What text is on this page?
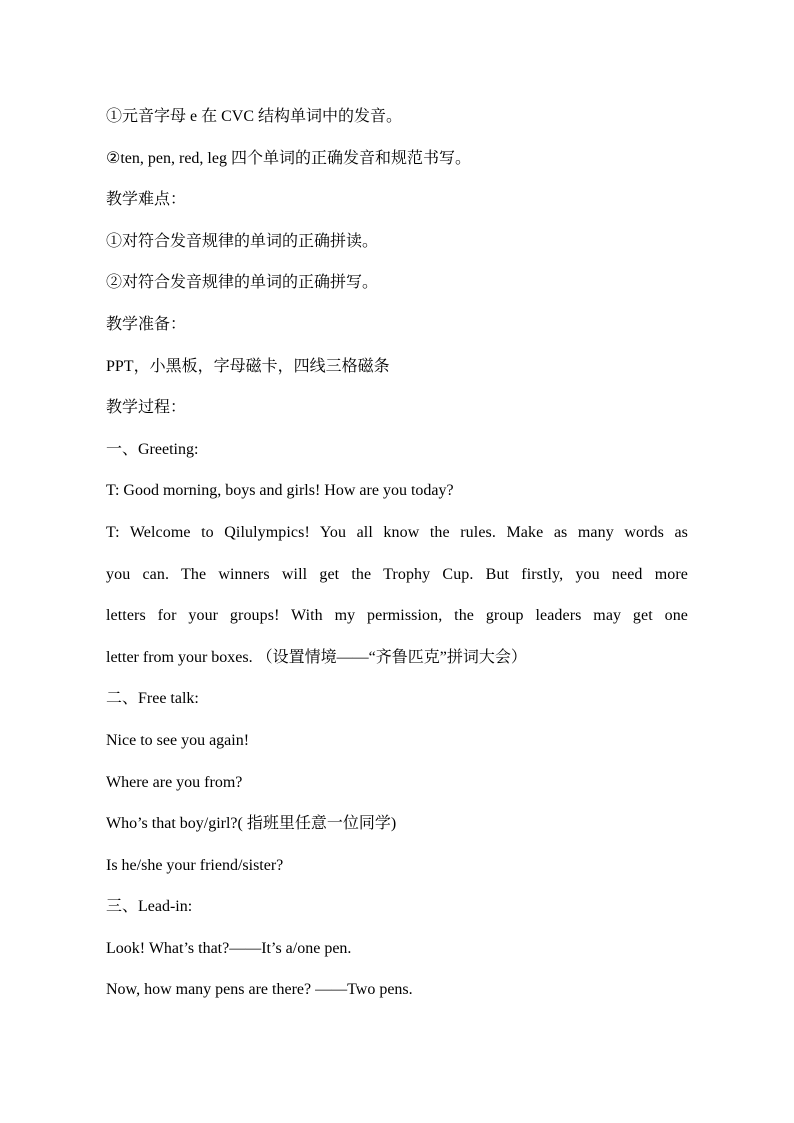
①元音字母 e 在 CVC 结构单词中的发音。
②ten, pen, red, leg 四个单词的正确发音和规范书写。
教学难点：
①对符合发音规律的单词的正确拼读。
②对符合发音规律的单词的正确拼写。
教学准备：
PPT，小黑板，字母磁卡，四线三格磁条
教学过程：
一、Greeting:
T: Good morning, boys and girls! How are you today?
T: Welcome to Qilulympics! You all know the rules. Make as many words as
you can. The winners will get the Trophy Cup. But firstly, you need more
letters for your groups! With my permission, the group leaders may get one
letter from your boxes. （设置情境——“齐鲁匹克”拼词大会）
二、Free talk:
Nice to see you again!
Where are you from?
Who’s that boy/girl?( 指班里任意一位同学)
Is he/she your friend/sister?
三、Lead-in:
Look! What’s that?——It’s a/one pen.
Now, how many pens are there? ——Two pens.
